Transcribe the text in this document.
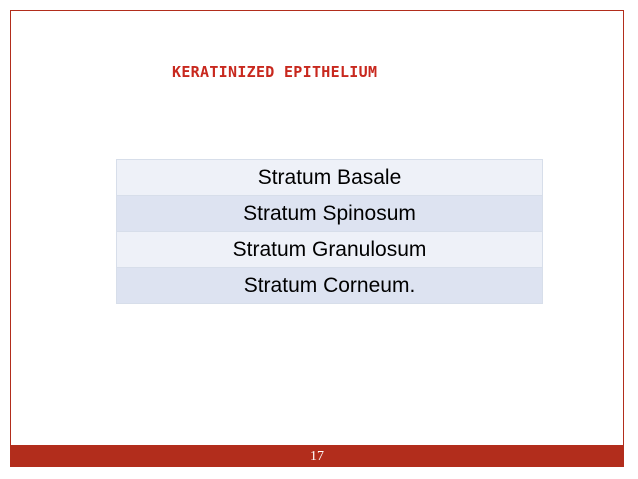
KERATINIZED EPITHELIUM
Stratum Basale
Stratum Spinosum
Stratum Granulosum
Stratum Corneum.
17
